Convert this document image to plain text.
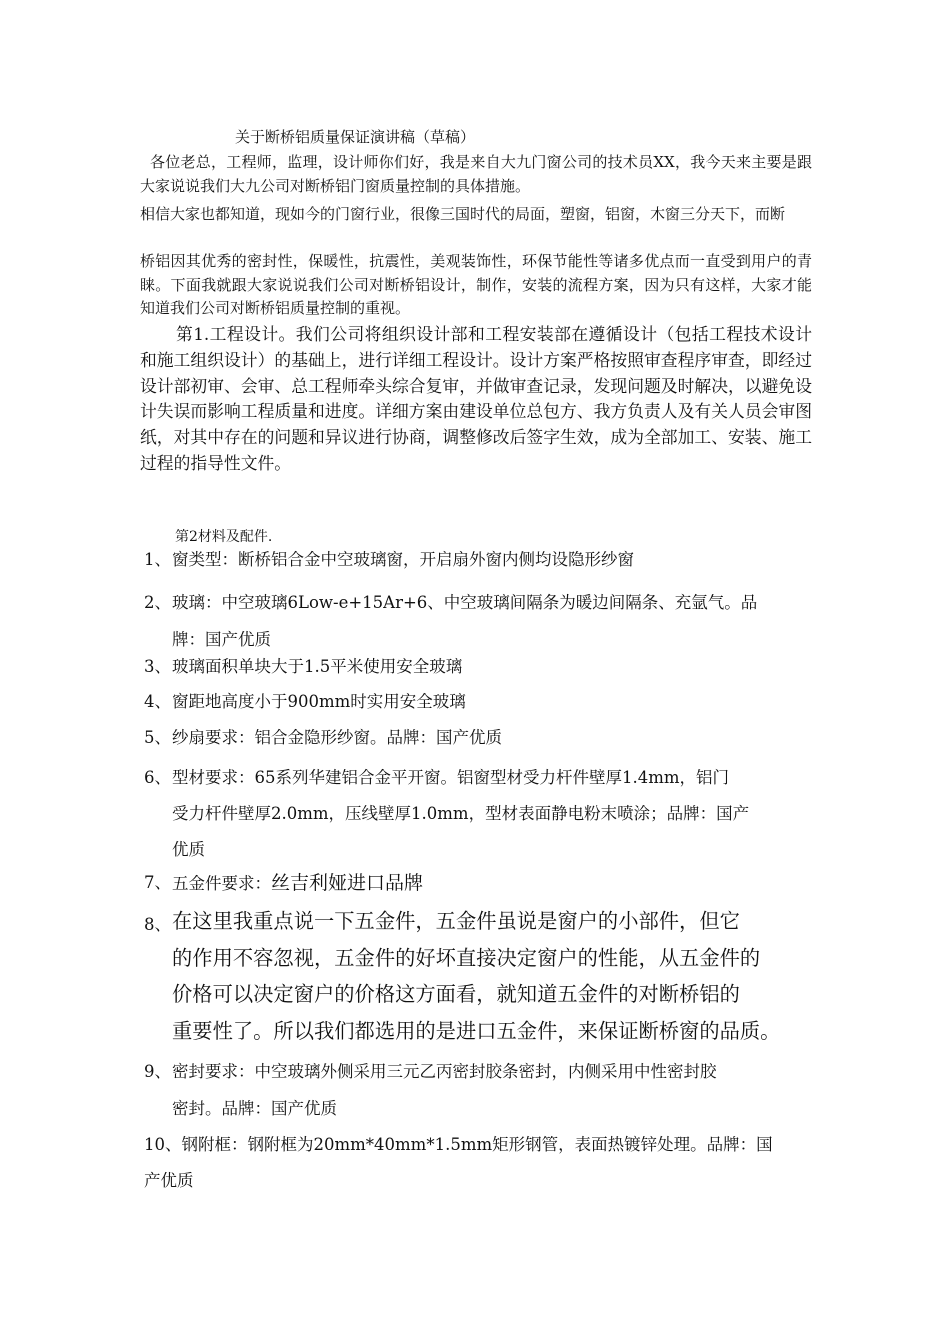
关于断桥铝质量保证演讲稿（草稿）
各位老总，工程师，监理，设计师你们好，我是来自大九门窗公司的技术员XX，我今天来主要是跟大家说说我们大九公司对断桥铝门窗质量控制的具体措施。
相信大家也都知道，现如今的门窗行业，很像三国时代的局面，塑窗，铝窗，木窗三分天下，而断
桥铝因其优秀的密封性，保暖性，抗震性，美观装饰性，环保节能性等诸多优点而一直受到用户的青睐。下面我就跟大家说说我们公司对断桥铝设计，制作，安装的流程方案，因为只有这样，大家才能知道我们公司对断桥铝质量控制的重视。
第1.工程设计。我们公司将组织设计部和工程安装部在遵循设计（包括工程技术设计和施工组织设计）的基础上，进行详细工程设计。设计方案严格按照审查程序审查，即经过设计部初审、会审、总工程师牵头综合复审，并做审查记录，发现问题及时解决，以避免设计失误而影响工程质量和进度。详细方案由建设单位总包方、我方负责人及有关人员会审图纸，对其中存在的问题和异议进行协商，调整修改后签字生效，成为全部加工、安装、施工过程的指导性文件。
第2材料及配件.
1、 窗类型：断桥铝合金中空玻璃窗，开启扇外窗内侧均设隐形纱窗
2、 玻璃：中空玻璃6Low-e+15Ar+6、中空玻璃间隔条为暖边间隔条、充氩气。品
牌：国产优质
3、 玻璃面积单块大于1.5平米使用安全玻璃
4、 窗距地高度小于900mm时实用安全玻璃
5、 纱扇要求：铝合金隐形纱窗。品牌：国产优质
6、 型材要求：65系列华建铝合金平开窗。铝窗型材受力杆件壁厚1.4mm，铝门
受力杆件壁厚2.0mm，压线壁厚1.0mm，型材表面静电粉末喷涂；品牌：国产
优质
7、 五金件要求：丝吉利娅进口品牌
8、 在这里我重点说一下五金件，五金件虽说是窗户的小部件，但它
的作用不容忽视，五金件的好坏直接决定窗户的性能，从五金件的
价格可以决定窗户的价格这方面看，就知道五金件的对断桥铝的
重要性了。所以我们都选用的是进口五金件，来保证断桥窗的品质。
9、 密封要求：中空玻璃外侧采用三元乙丙密封胶条密封，内侧采用中性密封胶
密封。品牌：国产优质
10、钢附框：钢附框为20mm*40mm*1.5mm矩形钢管，表面热镀锌处理。品牌：国
产优质
